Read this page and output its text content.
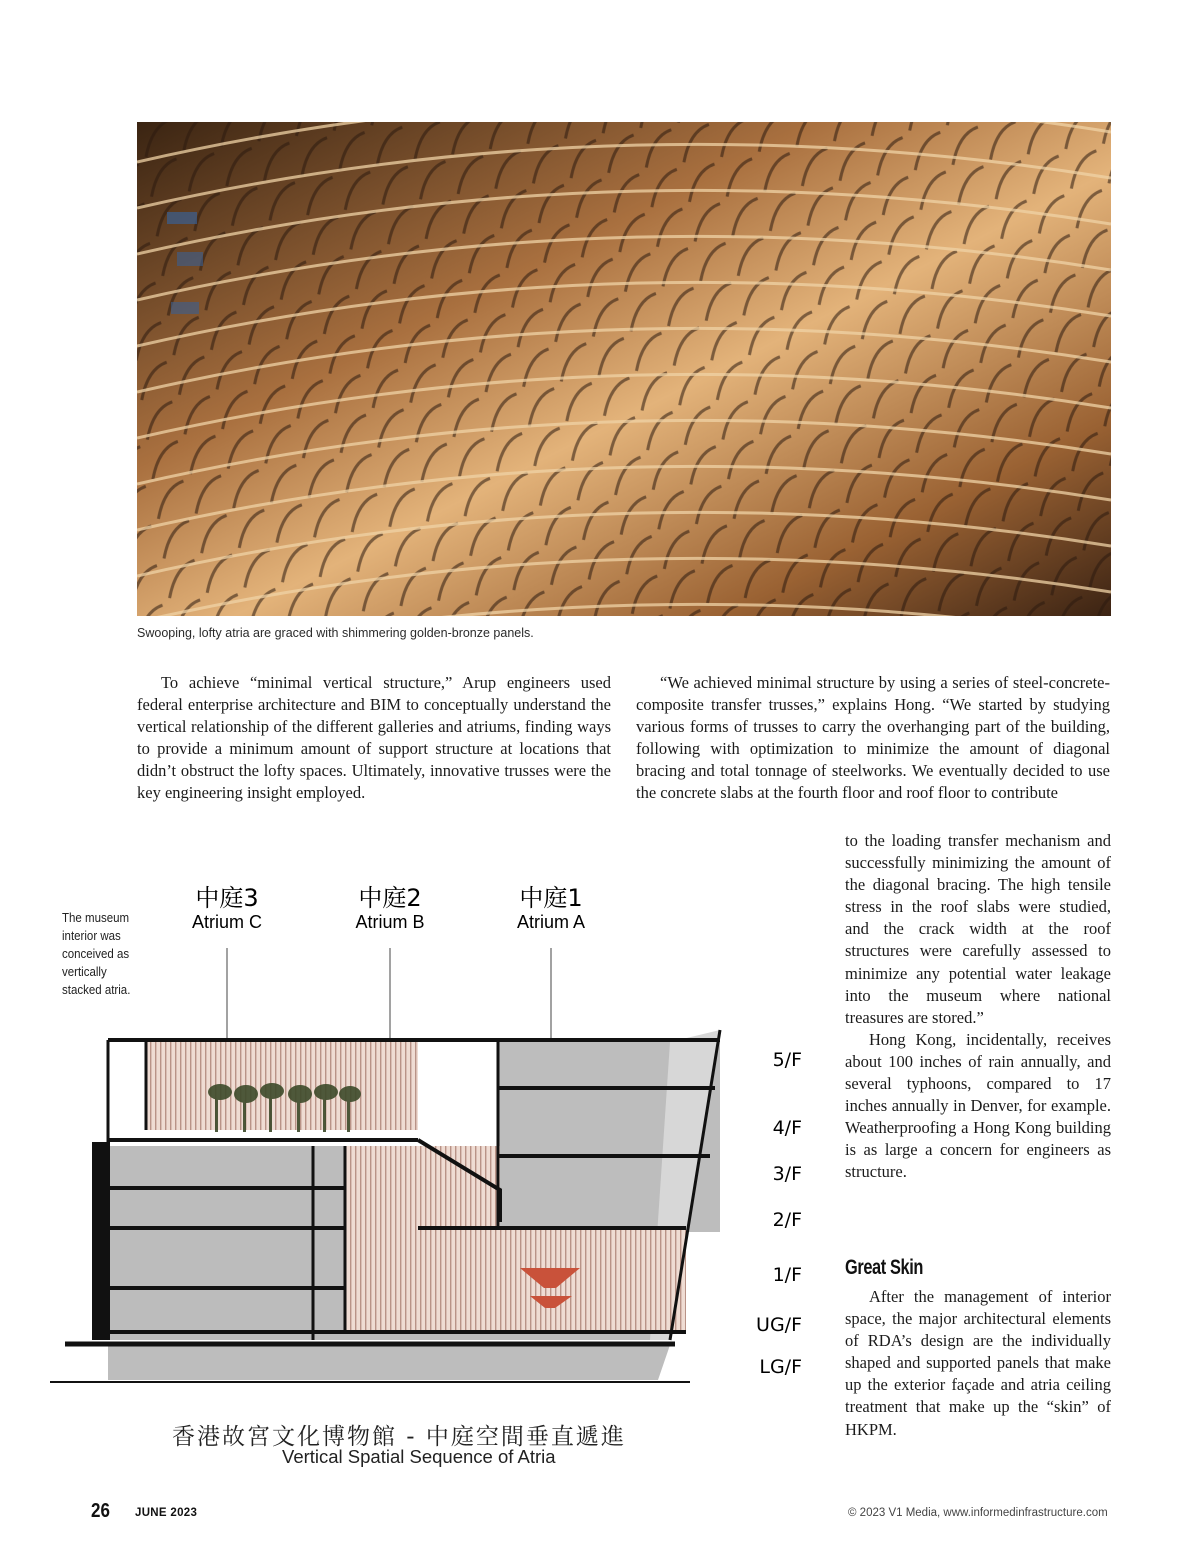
Swooping, lofty atria are graced with shimmering golden-bronze panels.

To achieve “minimal vertical structure,” Arup engineers used federal enterprise architecture and BIM to conceptually understand the vertical relationship of the different galleries and atriums, finding ways to provide a minimum amount of support structure at locations that didn’t obstruct the lofty spaces. Ultimately, innovative trusses were the key engineering insight employed.

“We achieved minimal structure by using a series of steel-concrete-composite transfer trusses,” explains Hong. “We started by studying various forms of trusses to carry the overhanging part of the building, following with optimization to minimize the amount of diagonal bracing and total tonnage of steelworks. We eventually decided to use the concrete slabs at the fourth floor and roof floor to contribute

to the loading transfer mechanism and successfully minimizing the amount of the diagonal bracing. The high tensile stress in the roof slabs were studied, and the crack width at the roof structures were carefully assessed to minimize any potential water leakage into the museum where national treasures are stored.”

Hong Kong, incidentally, receives about 100 inches of rain annually, and several typhoons, compared to 17 inches annually in Denver, for example. Weatherproofing a Hong Kong building is as large a concern for engineers as structure.

Great Skin

After the management of interior space, the major architectural elements of RDA’s design are the individually shaped and supported panels that make up the exterior façade and atria ceiling treatment that make up the “skin” of HKPM.

The museum interior was conceived as vertically stacked atria.
中庭3
Atrium C
中庭2
Atrium B
中庭1
Atrium A
5/F
4/F
3/F
2/F
1/F
UG/F
LG/F
香港故宮文化博物館 - 中庭空間垂直遞進
Vertical Spatial Sequence of Atria
26 JUNE 2023	© 2023 V1 Media, www.informedinfrastructure.com
